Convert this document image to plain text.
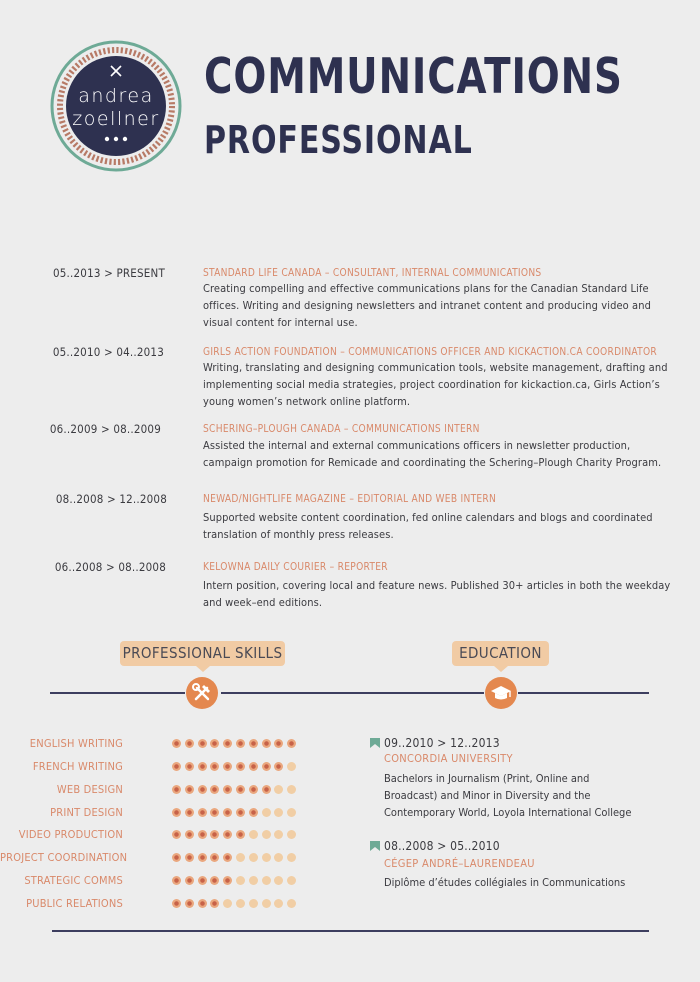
andrea
zoellner
COMMUNICATIONS
PROFESSIONAL
05..2013 > PRESENT	STANDARD LIFE CANADA – CONSULTANT, INTERNAL COMMUNICATIONS
Creating compelling and effective communications plans for the Canadian Standard Life offices. Writing and designing newsletters and intranet content and producing video and visual content for internal use.
05..2010 > 04..2013	GIRLS ACTION FOUNDATION – COMMUNICATIONS OFFICER AND KICKACTION.CA COORDINATOR
Writing, translating and designing communication tools, website management, drafting and implementing social media strategies, project coordination for kickaction.ca, Girls Action’s young women’s network online platform.
06..2009 > 08..2009	SCHERING–PLOUGH CANADA – COMMUNICATIONS INTERN
Assisted the internal and external communications officers in newsletter production, campaign promotion for Remicade and coordinating the Schering–Plough Charity Program.
08..2008 > 12..2008	NEWAD/NIGHTLIFE MAGAZINE – EDITORIAL AND WEB INTERN
Supported website content coordination, fed online calendars and blogs and coordinated translation of monthly press releases.
06..2008 > 08..2008	KELOWNA DAILY COURIER – REPORTER
Intern position, covering local and feature news. Published 30+ articles in both the weekday and week–end editions.
PROFESSIONAL SKILLS	EDUCATION
ENGLISH WRITING
FRENCH WRITING
WEB DESIGN
PRINT DESIGN
VIDEO PRODUCTION
PROJECT COORDINATION
STRATEGIC COMMS
PUBLIC RELATIONS
09..2010 > 12..2013
CONCORDIA UNIVERSITY
Bachelors in Journalism (Print, Online and Broadcast) and Minor in Diversity and the Contemporary World, Loyola International College
08..2008 > 05..2010
CÉGEP ANDRÉ–LAURENDEAU
Diplôme d’études collégiales in Communications
